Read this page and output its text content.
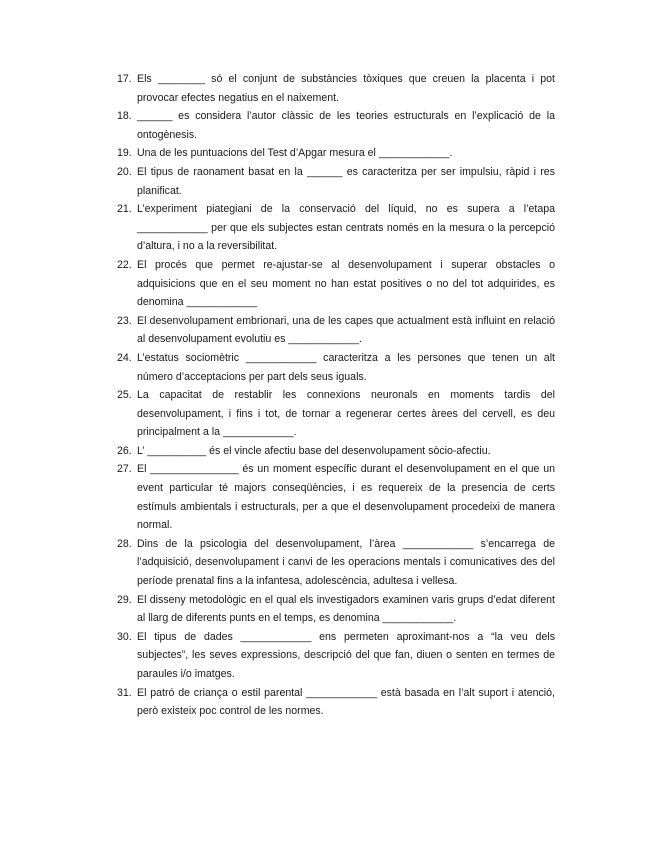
17. Els ________ só el conjunt de substàncies tòxiques que creuen la placenta i pot provocar efectes negatius en el naixement.
18. ______ es considera l’autor clàssic de les teories estructurals en l’explicació de la ontogènesis.
19. Una de les puntuacions del Test d’Apgar mesura el ____________.
20. El tipus de raonament basat en la ______ es caracteritza per ser impulsiu, ràpid i res planificat.
21. L’experiment piategiani de la conservació del líquid, no es supera a l’etapa ____________ per que els subjectes estan centrats només en la mesura o la percepció d’altura, i no a la reversibilitat.
22. El procés que permet re-ajustar-se al desenvolupament i superar obstacles o adquisicions que en el seu moment no han estat positives o no del tot adquirides, es denomina ____________
23. El desenvolupament embrionari, una de les capes que actualment està influint en relació al desenvolupament evolutiu es ____________.
24. L’estatus sociomètric ____________ caracteritza a les persones que tenen un alt número d’acceptacions per part dels seus iguals.
25. La capacitat de restablir les connexions neuronals en moments tardis del desenvolupament, i fins i tot, de tornar a regenerar certes àrees del cervell, es deu principalment a la ____________.
26. L’ __________ és el vincle afectiu base del desenvolupament sòcio-afectiu.
27. El _______________ és un moment específic durant el desenvolupament en el que un event particular té majors conseqüències, i es requereix de la presencia de certs estímuls ambientals i estructurals, per a que el desenvolupament procedeixi de manera normal.
28. Dins de la psicologia del desenvolupament, l’àrea ____________ s’encarrega de l’adquisició, desenvolupament i canvi de les operacions mentals i comunicatives des del període prenatal fins a la infantesa, adolescència, adultesa i vellesa.
29. El disseny metodològic en el qual els investigadors examinen varis grups d’edat diferent al llarg de diferents punts en el temps, es denomina ____________.
30. El tipus de dades ____________ ens permeten aproximant-nos a “la veu dels subjectes”, les seves expressions, descripció del que fan, diuen o senten en termes de paraules i/o imatges.
31. El patró de criança o estil parental ____________ està basada en l’alt suport i atenció, però existeix poc control de les normes.
